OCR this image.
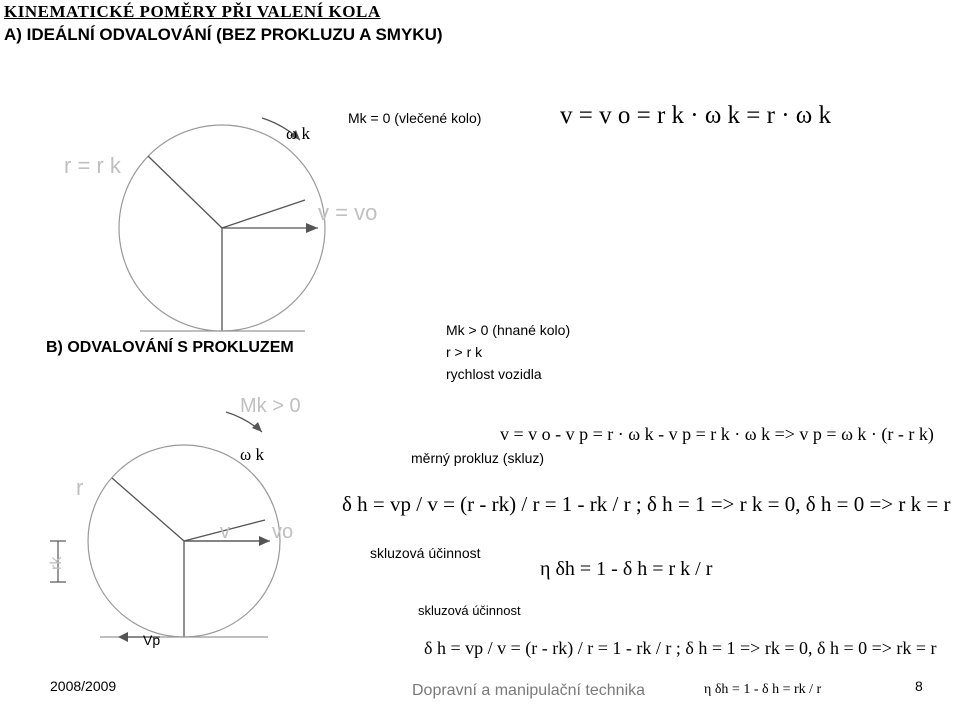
r = r k
v = vo
r
Mk > 0
v vo
rk
KINEMATICKÉ POMĚRY PŘI VALENÍ KOLA
A) IDEÁLNÍ ODVALOVÁNÍ (BEZ PROKLUZU A SMYKU)
ω k
Mk = 0 (vlečené kolo)	v = v o = r k · ω k = r · ω k
B) ODVALOVÁNÍ S PROKLUZEM
Mk > 0 (hnané kolo)
r > r k
rychlost vozidla
ω k
v = v o - v p = r · ω k - v p = r k · ω k => v p = ω k · (r - r k)
měrný prokluz (skluz)
δ h = vp / v = (r - rk) / r = 1 - rk / r ; δ h = 1 => r k = 0, δ h = 0 => r k = r
skluzová účinnost
η δh = 1 - δ h = r k / r
skluzová účinnost
δ h = vp / v = (r - rk) / r = 1 - rk / r ; δ h = 1 => rk = 0, δ h = 0 => rk = r
η δh = 1 - δ h = rk / r
Vp
2008/2009	Dopravní a manipulační technika	8
